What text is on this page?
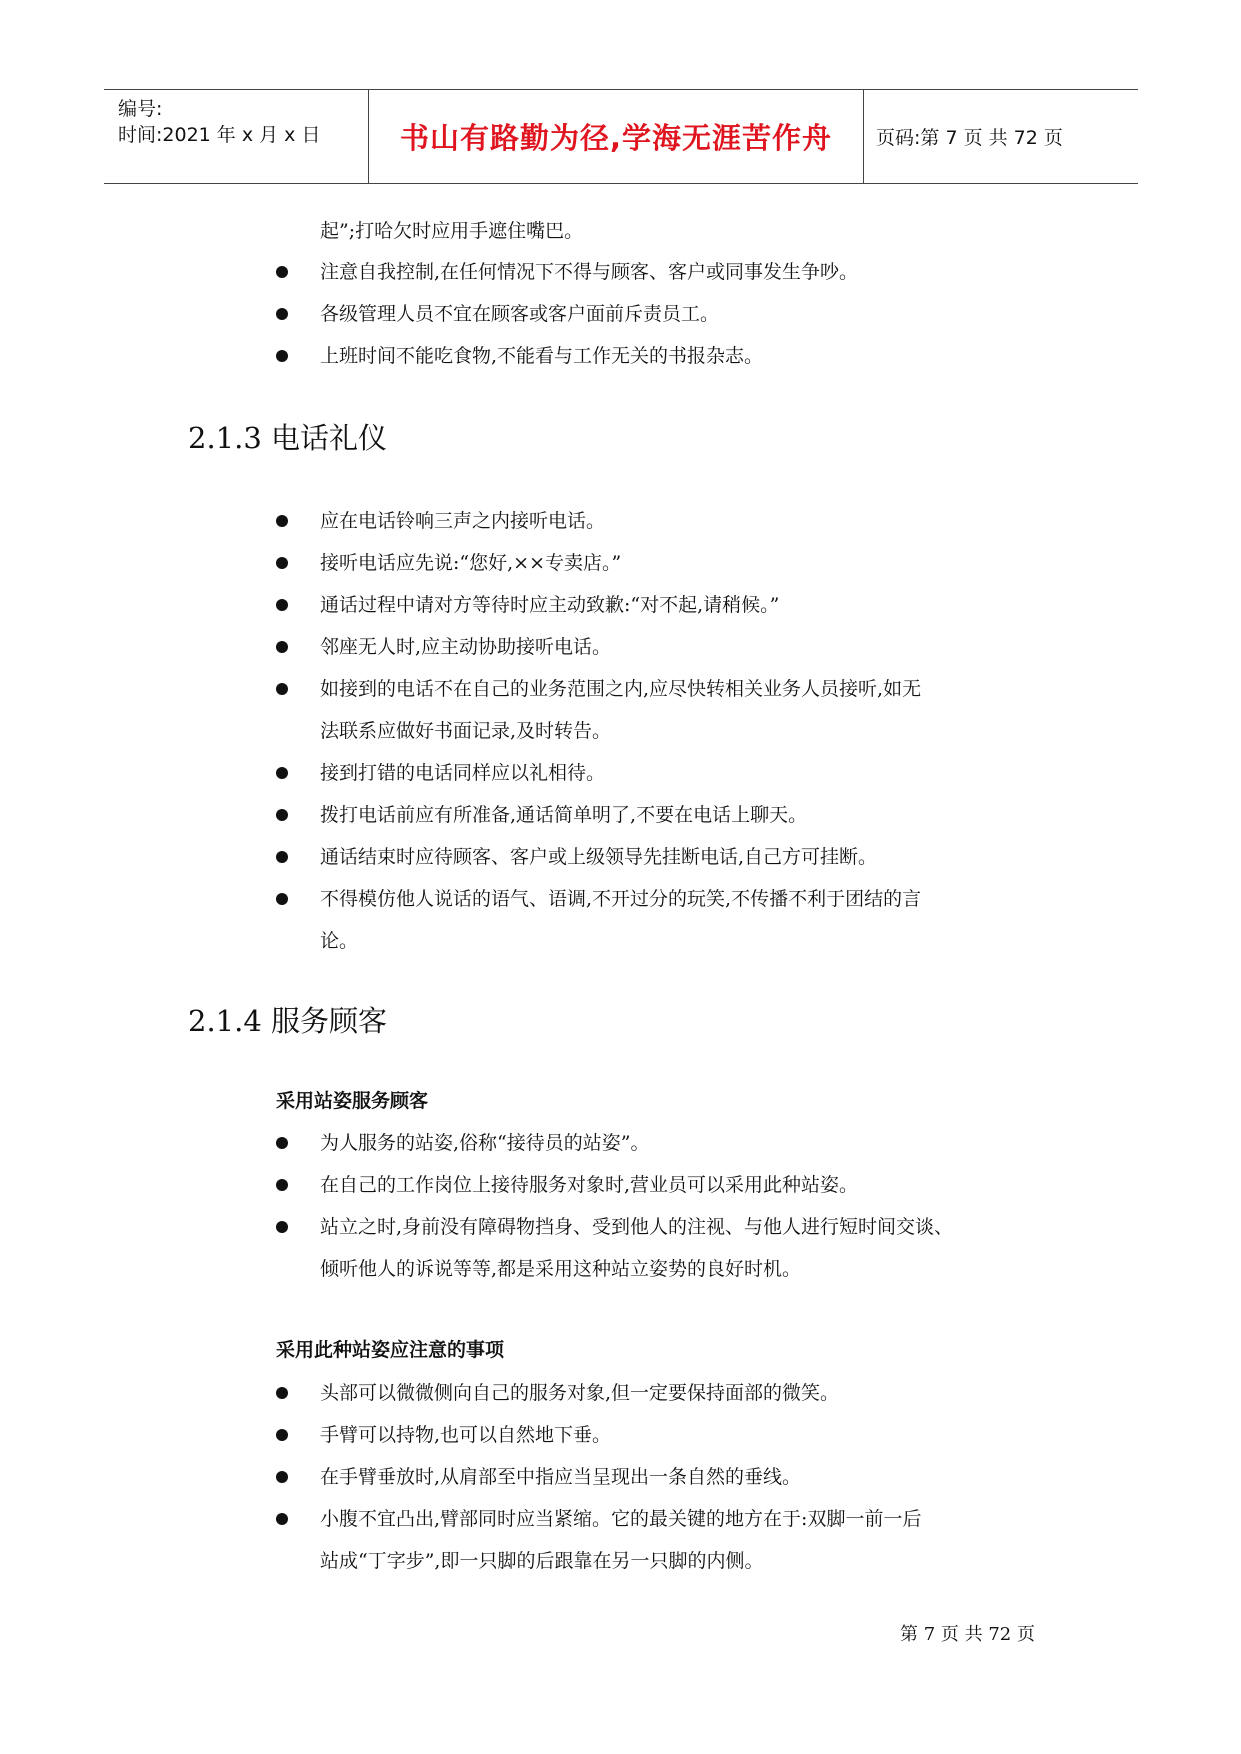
编号:
时间:2021 年 x 月 x 日	书山有路勤为径,学海无涯苦作舟 页码:第 7 页 共 72 页
起”;打哈欠时应用手遮住嘴巴。
注意自我控制,在任何情况下不得与顾客、客户或同事发生争吵。
各级管理人员不宜在顾客或客户面前斥责员工。
上班时间不能吃食物,不能看与工作无关的书报杂志。
2.1.3 电话礼仪
应在电话铃响三声之内接听电话。
接听电话应先说:“您好,××专卖店。”
通话过程中请对方等待时应主动致歉:“对不起,请稍候。”
邻座无人时,应主动协助接听电话。
如接到的电话不在自己的业务范围之内,应尽快转相关业务人员接听,如无
法联系应做好书面记录,及时转告。
接到打错的电话同样应以礼相待。
拨打电话前应有所准备,通话简单明了,不要在电话上聊天。
通话结束时应待顾客、客户或上级领导先挂断电话,自己方可挂断。
不得模仿他人说话的语气、语调,不开过分的玩笑,不传播不利于团结的言
论。
2.1.4 服务顾客
采用站姿服务顾客
为人服务的站姿,俗称“接待员的站姿”。
在自己的工作岗位上接待服务对象时,营业员可以采用此种站姿。
站立之时,身前没有障碍物挡身、受到他人的注视、与他人进行短时间交谈、
倾听他人的诉说等等,都是采用这种站立姿势的良好时机。
采用此种站姿应注意的事项
头部可以微微侧向自己的服务对象,但一定要保持面部的微笑。
手臂可以持物,也可以自然地下垂。
在手臂垂放时,从肩部至中指应当呈现出一条自然的垂线。
小腹不宜凸出,臂部同时应当紧缩。它的最关键的地方在于:双脚一前一后
站成“丁字步”,即一只脚的后跟靠在另一只脚的内侧。
第 7 页 共 72 页
